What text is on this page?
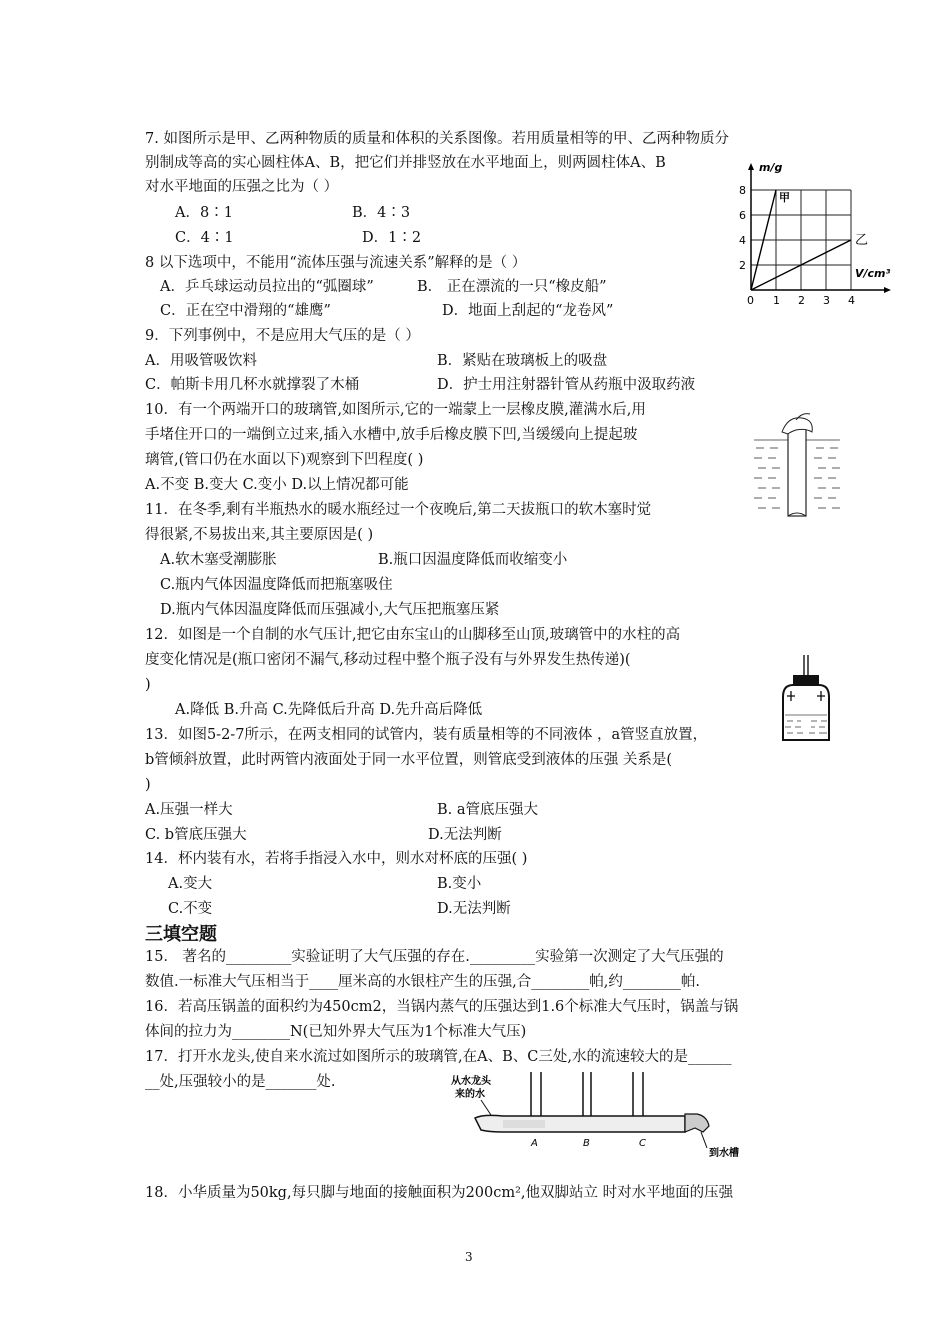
7. 如图所示是甲、乙两种物质的质量和体积的关系图像。若用质量相等的甲、乙两种物质分
别制成等高的实心圆柱体A、B，把它们并排竖放在水平地面上，则两圆柱体A、B
对水平地面的压强之比为（ ）
A．8∶1	B．4∶3
C．4∶1	D．1∶2
m/g
V/cm³
2
4
6
8
0 1 2 3 4
甲
乙
8 以下选项中，不能用“流体压强与流速关系”解释的是（ ）
A．乒乓球运动员拉出的“弧圈球”	B． 正在漂流的一只“橡皮船”
C．正在空中滑翔的“雄鹰”	D．地面上刮起的“龙卷风”
9．下列事例中，不是应用大气压的是（ ）
A．用吸管吸饮料	B．紧贴在玻璃板上的吸盘
C．帕斯卡用几杯水就撑裂了木桶	D．护士用注射器针管从药瓶中汲取药液
10．有一个两端开口的玻璃管,如图所示,它的一端蒙上一层橡皮膜,灌满水后,用
手堵住开口的一端倒立过来,插入水槽中,放手后橡皮膜下凹,当缓缓向上提起玻
璃管,(管口仍在水面以下)观察到下凹程度( )
A.不变 B.变大 C.变小 D.以上情况都可能
11．在冬季,剩有半瓶热水的暖水瓶经过一个夜晚后,第二天拔瓶口的软木塞时觉
得很紧,不易拔出来,其主要原因是( )
A.软木塞受潮膨胀	B.瓶口因温度降低而收缩变小
C.瓶内气体因温度降低而把瓶塞吸住
D.瓶内气体因温度降低而压强减小,大气压把瓶塞压紧
12．如图是一个自制的水气压计,把它由东宝山的山脚移至山顶,玻璃管中的水柱的高
度变化情况是(瓶口密闭不漏气,移动过程中整个瓶子没有与外界发生热传递)(
)
A.降低 B.升高 C.先降低后升高 D.先升高后降低
13．如图5-2-7所示，在两支相同的试管内，装有质量相等的不同液体 ，a管竖直放置，
b管倾斜放置，此时两管内液面处于同一水平位置，则管底受到液体的压强 关系是(
)
A.压强一样大	B. a管底压强大
C. b管底压强大	D.无法判断
14．杯内装有水，若将手指浸入水中，则水对杯底的压强( )
A.变大	B.变小
C.不变	D.无法判断
三填空题
15． 著名的_________实验证明了大气压强的存在._________实验第一次测定了大气压强的
数值.一标准大气压相当于____厘米高的水银柱产生的压强,合________帕,约________帕.
16．若高压锅盖的面积约为450cm2，当锅内蒸气的压强达到1.6个标准大气压时，锅盖与锅
体间的拉力为________N(已知外界大气压为1个标准大气压)
17．打开水龙头,使自来水流过如图所示的玻璃管,在A、B、C三处,水的流速较大的是______
__处,压强较小的是_______处.	从水龙头
来的水
A	B	C
到水槽
18．小华质量为50kg,每只脚与地面的接触面积为200cm²,他双脚站立 时对水平地面的压强
3
